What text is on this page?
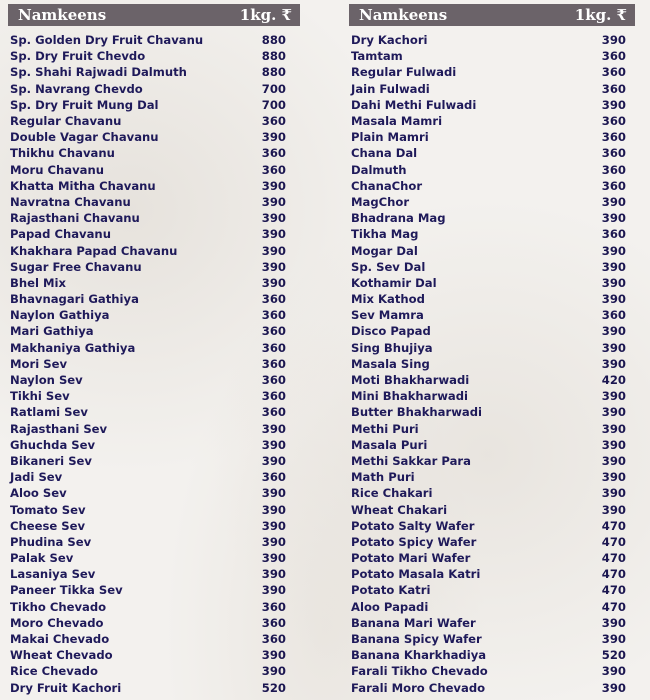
Namkeens	1kg. ₹
Sp. Golden Dry Fruit Chavanu	880
Sp. Dry Fruit Chevdo	880
Sp. Shahi Rajwadi Dalmuth	880
Sp. Navrang Chevdo	700
Sp. Dry Fruit Mung Dal	700
Regular Chavanu	360
Double Vagar Chavanu	390
Thikhu Chavanu	360
Moru Chavanu	360
Khatta Mitha Chavanu	390
Navratna Chavanu	390
Rajasthani Chavanu	390
Papad Chavanu	390
Khakhara Papad Chavanu	390
Sugar Free Chavanu	390
Bhel Mix	390
Bhavnagari Gathiya	360
Naylon Gathiya	360
Mari Gathiya	360
Makhaniya Gathiya	360
Mori Sev	360
Naylon Sev	360
Tikhi Sev	360
Ratlami Sev	360
Rajasthani Sev	390
Ghuchda Sev	390
Bikaneri Sev	390
Jadi Sev	360
Aloo Sev	390
Tomato Sev	390
Cheese Sev	390
Phudina Sev	390
Palak Sev	390
Lasaniya Sev	390
Paneer Tikka Sev	390
Tikho Chevado	360
Moro Chevado	360
Makai Chevado	360
Wheat Chevado	390
Rice Chevado	390
Dry Fruit Kachori	520
Namkeens	1kg. ₹
Dry Kachori	390
Tamtam	360
Regular Fulwadi	360
Jain Fulwadi	360
Dahi Methi Fulwadi	390
Masala Mamri	360
Plain Mamri	360
Chana Dal	360
Dalmuth	360
ChanaChor	360
MagChor	390
Bhadrana Mag	390
Tikha Mag	360
Mogar Dal	390
Sp. Sev Dal	390
Kothamir Dal	390
Mix Kathod	390
Sev Mamra	360
Disco Papad	390
Sing Bhujiya	390
Masala Sing	390
Moti Bhakharwadi	420
Mini Bhakharwadi	390
Butter Bhakharwadi	390
Methi Puri	390
Masala Puri	390
Methi Sakkar Para	390
Math Puri	390
Rice Chakari	390
Wheat Chakari	390
Potato Salty Wafer	470
Potato Spicy Wafer	470
Potato Mari Wafer	470
Potato Masala Katri	470
Potato Katri	470
Aloo Papadi	470
Banana Mari Wafer	390
Banana Spicy Wafer	390
Banana Kharkhadiya	520
Farali Tikho Chevado	390
Farali Moro Chevado	390
